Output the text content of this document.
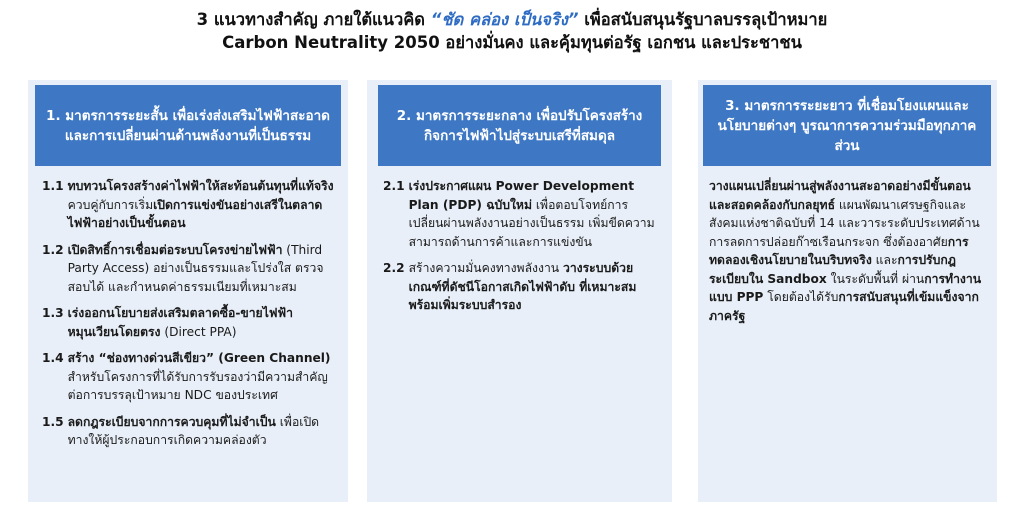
3 แนวทางสำคัญ ภายใต้แนวคิด “ชัด คล่อง เป็นจริง” เพื่อสนับสนุนรัฐบาลบรรลุเป้าหมาย
Carbon Neutrality 2050 อย่างมั่นคง และคุ้มทุนต่อรัฐ เอกชน และประชาชน
1. มาตรการระยะสั้น เพื่อเร่งส่งเสริมไฟฟ้าสะอาด และการเปลี่ยนผ่านด้านพลังงานที่เป็นธรรม
1.1 ทบทวนโครงสร้างค่าไฟฟ้าให้สะท้อนต้นทุนที่แท้จริง ควบคู่กับการเริ่มเปิดการแข่งขันอย่างเสรีในตลาดไฟฟ้าอย่างเป็นขั้นตอน
1.2 เปิดสิทธิ์การเชื่อมต่อระบบโครงข่ายไฟฟ้า (Third Party Access) อย่างเป็นธรรมและโปร่งใส ตรวจสอบได้ และกำหนดค่าธรรมเนียมที่เหมาะสม
1.3 เร่งออกนโยบายส่งเสริมตลาดซื้อ-ขายไฟฟ้าหมุนเวียนโดยตรง (Direct PPA)
1.4 สร้าง “ช่องทางด่วนสีเขียว” (Green Channel) สำหรับโครงการที่ได้รับการรับรองว่ามีความสำคัญต่อการบรรลุเป้าหมาย NDC ของประเทศ
1.5 ลดกฎระเบียบจากการควบคุมที่ไม่จำเป็น เพื่อเปิดทางให้ผู้ประกอบการเกิดความคล่องตัว
2. มาตรการระยะกลาง เพื่อปรับโครงสร้างกิจการไฟฟ้าไปสู่ระบบเสรีที่สมดุล
2.1 เร่งประกาศแผน Power Development Plan (PDP) ฉบับใหม่ เพื่อตอบโจทย์การเปลี่ยนผ่านพลังงานอย่างเป็นธรรม เพิ่มขีดความสามารถด้านการค้าและการแข่งขัน
2.2 สร้างความมั่นคงทางพลังงาน วางระบบด้วยเกณฑ์ที่ดัชนีโอกาสเกิดไฟฟ้าดับ ที่เหมาะสม พร้อมเพิ่มระบบสำรอง
3. มาตรการระยะยาว ที่เชื่อมโยงแผนและนโยบายต่างๆ บูรณาการความร่วมมือทุกภาคส่วน
วางแผนเปลี่ยนผ่านสู่พลังงานสะอาดอย่างมีขั้นตอน และสอดคล้องกับกลยุทธ์ แผนพัฒนาเศรษฐกิจและสังคมแห่งชาติฉบับที่ 14 และวาระระดับประเทศด้านการลดการปล่อยก๊าซเรือนกระจก ซึ่งต้องอาศัยการทดลองเชิงนโยบายในบริบทจริง และการปรับกฎระเบียบใน Sandbox ในระดับพื้นที่ ผ่านการทำงานแบบ PPP โดยต้องได้รับการสนับสนุนที่เข้มแข็งจากภาครัฐ
